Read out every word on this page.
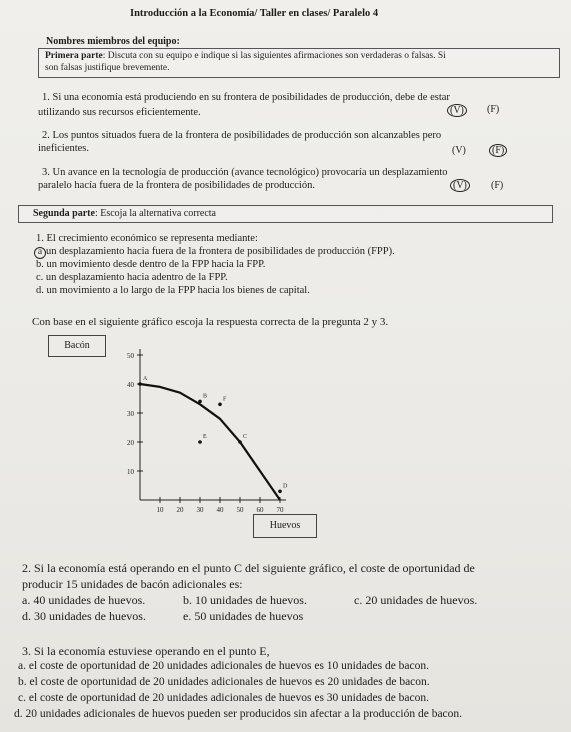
Introducción a la Economía/ Taller en clases/ Paralelo 4
Nombres miembros del equipo:
Primera parte: Discuta con su equipo e indique si las siguientes afirmaciones son verdaderas o falsas. Si
son falsas justifique brevemente.
1. Si una economía está produciendo en su frontera de posibilidades de producción, debe de estar
utilizando sus recursos eficientemente.	(V)	(F)
2. Los puntos situados fuera de la frontera de posibilidades de producción son alcanzables pero
ineficientes.	(V)	(F)
3. Un avance en la tecnología de producción (avance tecnológico) provocaría un desplazamiento
paralelo hacía fuera de la frontera de posibilidades de producción.	(V)	(F)
Segunda parte: Escoja la alternativa correcta
1. El crecimiento económico se representa mediante:
a un desplazamiento hacia fuera de la frontera de posibilidades de producción (FPP).
b. un movimiento desde dentro de la FPP hacia la FPP.
c. un desplazamiento hacia adentro de la FPP.
d. un movimiento a lo largo de la FPP hacia los bienes de capital.
Con base en el siguiente gráfico escoja la respuesta correcta de la pregunta 2 y 3.
Bacón
Huevos
10
20
30
40
50
10 20 30 40 50 60 70
A
B	F
E	C
D
2. Si la economía está operando en el punto C del siguiente gráfico, el coste de oportunidad de
producir 15 unidades de bacón adicionales es:
a. 40 unidades de huevos.	b. 10 unidades de huevos.	c. 20 unidades de huevos.
d. 30 unidades de huevos.	e. 50 unidades de huevos
3. Si la economía estuviese operando en el punto E,
a. el coste de oportunidad de 20 unidades adicionales de huevos es 10 unidades de bacon.
b. el coste de oportunidad de 20 unidades adicionales de huevos es 20 unidades de bacon.
c. el coste de oportunidad de 20 unidades adicionales de huevos es 30 unidades de bacon.
d. 20 unidades adicionales de huevos pueden ser producidos sin afectar a la producción de bacon.
